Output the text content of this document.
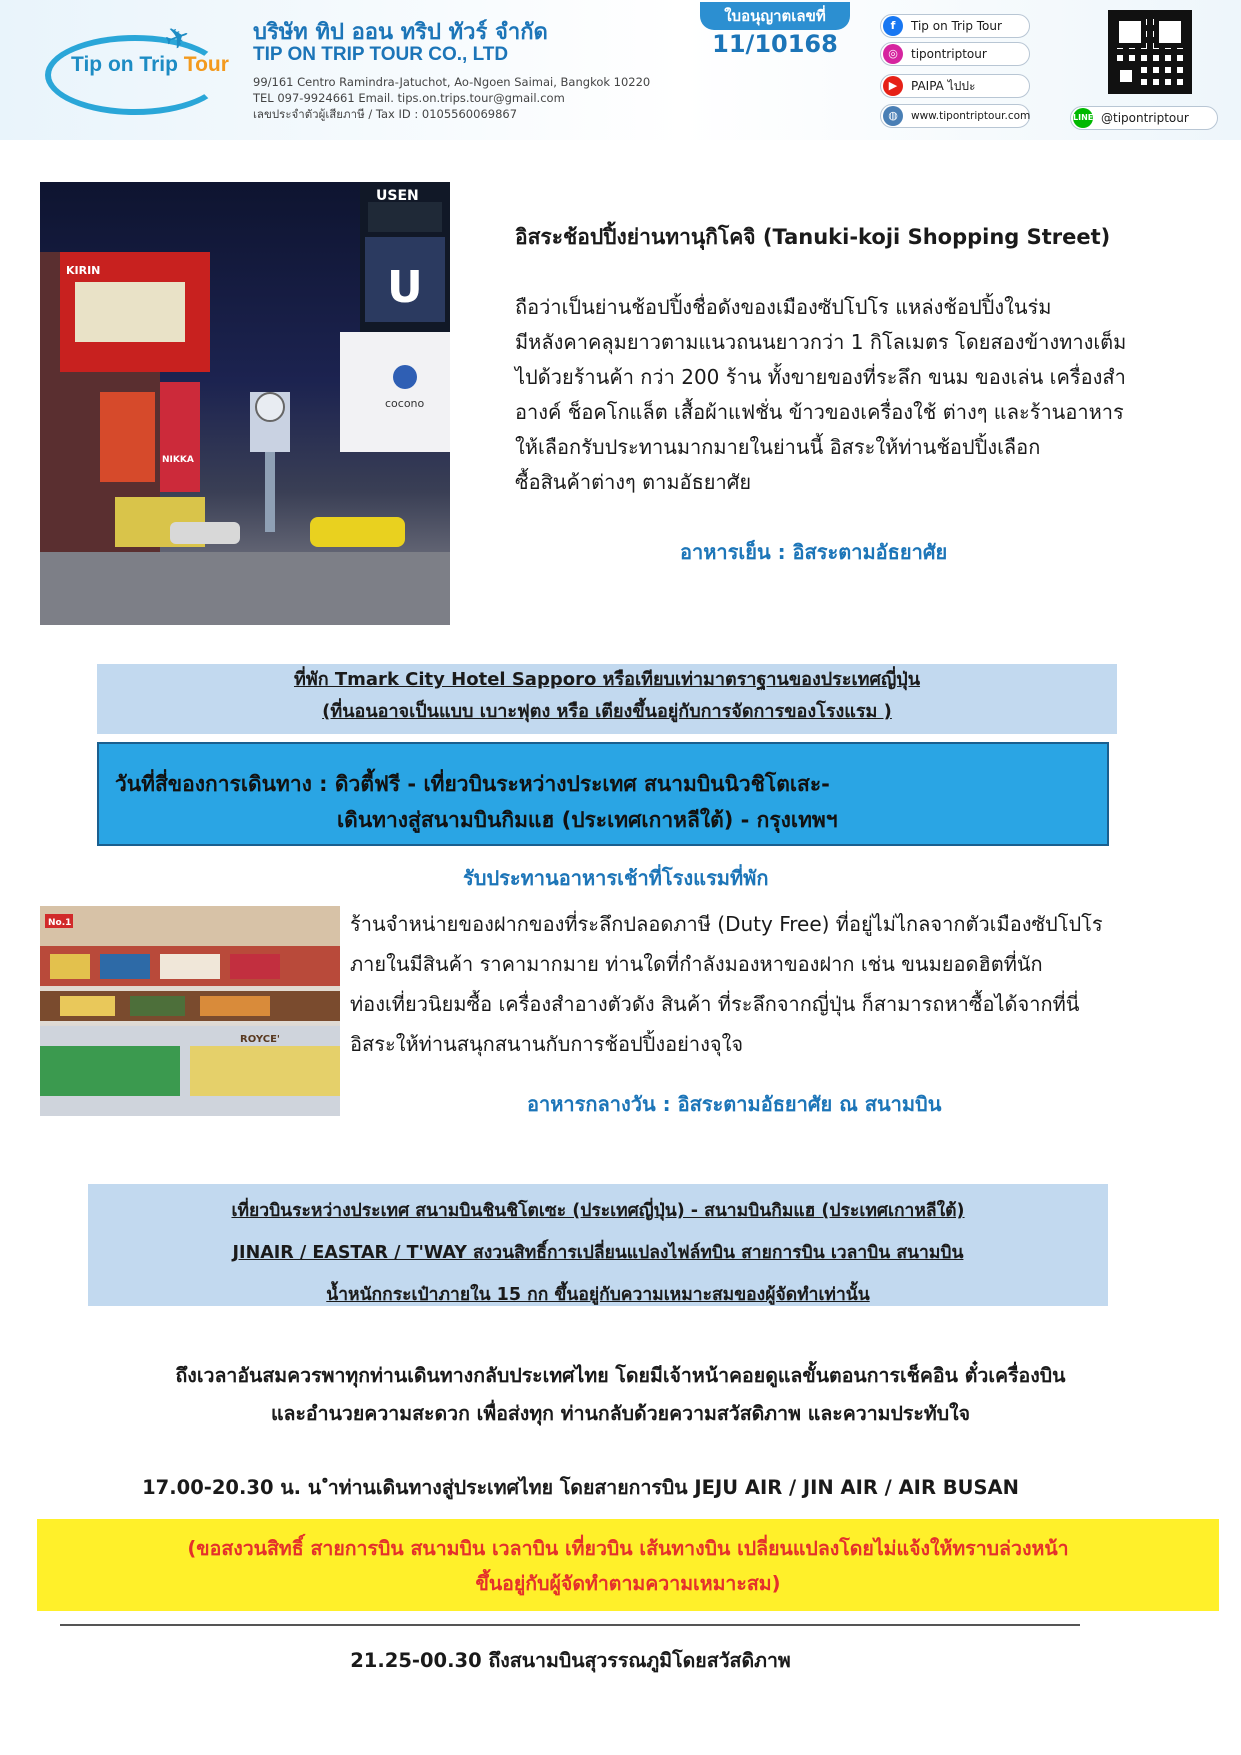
✈
Tip on Trip Tour
บริษัท ทิป ออน ทริป ทัวร์ จำกัด
TIP ON TRIP TOUR CO., LTD
99/161 Centro Ramindra-Jatuchot, Ao-Ngoen Saimai, Bangkok 10220
TEL 097-9924661 Email. tips.on.trips.tour@gmail.com
เลขประจำตัวผู้เสียภาษี / Tax ID : 0105560069867
ใบอนุญาตเลขที่
11/10168
f	Tip on Trip Tour
◎	tipontriptour
▶	PAIPA ไปปะ
◍	www.tipontriptour.com	LINE @tipontriptour
USEN
U
KIRIN
NIKKA
cocono
อิสระช้อปปิ้งย่านทานุกิโคจิ (Tanuki-koji Shopping Street)
ถือว่าเป็นย่านช้อปปิ้งชื่อดังของเมืองซัปโปโร แหล่งช้อปปิ้งในร่ม
มีหลังคาคลุมยาวตามแนวถนนยาวกว่า 1 กิโลเมตร โดยสองข้างทางเต็ม
ไปด้วยร้านค้า กว่า 200 ร้าน ทั้งขายของที่ระลึก ขนม ของเล่น เครื่องสำ
อางค์ ช็อคโกแล็ต เสื้อผ้าแฟชั่น ข้าวของเครื่องใช้ ต่างๆ และร้านอาหาร
ให้เลือกรับประทานมากมายในย่านนี้ อิสระให้ท่านช้อปปิ้งเลือก
ซื้อสินค้าต่างๆ ตามอัธยาศัย
อาหารเย็น : อิสระตามอัธยาศัย
ที่พัก Tmark City Hotel Sapporo หรือเทียบเท่ามาตราฐานของประเทศญี่ปุ่น
(ที่นอนอาจเป็นแบบ เบาะฟุตง หรือ เตียงขึ้นอยู่กับการจัดการของโรงแรม )
วันที่สี่ของการเดินทาง : ดิวตี้ฟรี - เที่ยวบินระหว่างประเทศ สนามบินนิวชิโตเสะ-
เดินทางสู่สนามบินกิมแฮ (ประเทศเกาหลีใต้) - กรุงเทพฯ
รับประทานอาหารเช้าที่โรงแรมที่พัก
No.1
ROYCE'
ร้านจำหน่ายของฝากของที่ระลึกปลอดภาษี (Duty Free) ที่อยู่ไม่ไกลจากตัวเมืองซัปโปโร
ภายในมีสินค้า ราคามากมาย ท่านใดที่กำลังมองหาของฝาก เช่น ขนมยอดฮิตที่นัก
ท่องเที่ยวนิยมซื้อ เครื่องสำอางตัวดัง สินค้า ที่ระลึกจากญี่ปุ่น ก็สามารถหาซื้อได้จากที่นี่
อิสระให้ท่านสนุกสนานกับการช้อปปิ้งอย่างจุใจ
อาหารกลางวัน : อิสระตามอัธยาศัย ณ สนามบิน
เที่ยวบินระหว่างประเทศ สนามบินชินชิโตเซะ (ประเทศญี่ปุ่น) - สนามบินกิมแฮ (ประเทศเกาหลีใต้)
JINAIR / EASTAR / T'WAY สงวนสิทธิ์การเปลี่ยนแปลงไฟล์ทบิน สายการบิน เวลาบิน สนามบิน
น้ำหนักกระเป๋าภายใน 15 กก ขึ้นอยู่กับความเหมาะสมของผู้จัดทำเท่านั้น
ถึงเวลาอันสมควรพาทุกท่านเดินทางกลับประเทศไทย โดยมีเจ้าหน้าคอยดูแลขั้นตอนการเช็คอิน ตั๋วเครื่องบิน
และอำนวยความสะดวก เพื่อส่งทุก ท่านกลับด้วยความสวัสดิภาพ และความประทับใจ
17.00-20.30 น. น ำท่านเดินทางสู่ประเทศไทย โดยสายการบิน JEJU AIR / JIN AIR / AIR BUSAN
(ขอสงวนสิทธิ์ สายการบิน สนามบิน เวลาบิน เที่ยวบิน เส้นทางบิน เปลี่ยนแปลงโดยไม่แจ้งให้ทราบล่วงหน้า
ขึ้นอยู่กับผู้จัดทำตามความเหมาะสม)
21.25-00.30 ถึงสนามบินสุวรรณภูมิโดยสวัสดิภาพ
